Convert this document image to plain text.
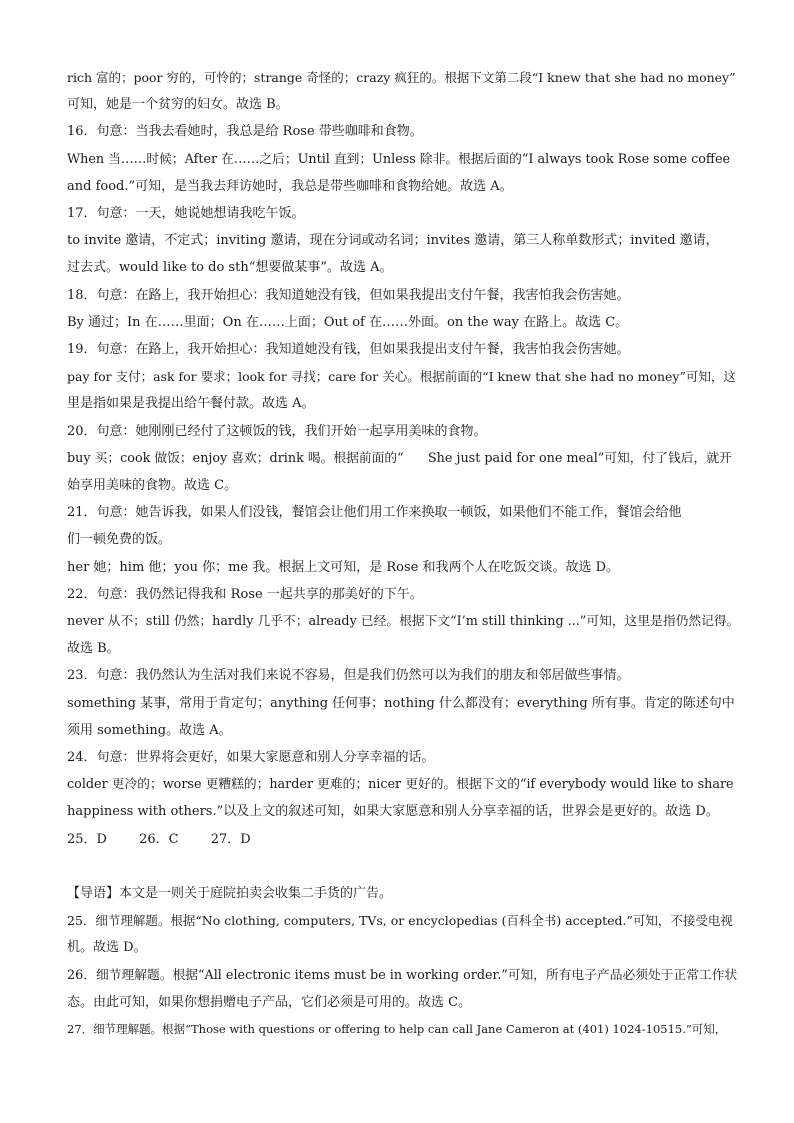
rich 富的；poor 穷的，可怜的；strange 奇怪的；crazy 疯狂的。根据下文第二段“I knew that she had no money”

可知，她是一个贫穷的妇女。故选 B。

16．句意：当我去看她时，我总是给 Rose 带些咖啡和食物。

When 当……时候；After 在……之后；Until 直到；Unless 除非。根据后面的“I always took Rose some coffee

and food.”可知，是当我去拜访她时，我总是带些咖啡和食物给她。故选 A。

17．句意：一天，她说她想请我吃午饭。

to invite 邀请，不定式；inviting 邀请，现在分词或动名词；invites 邀请，第三人称单数形式；invited 邀请，

过去式。would like to do sth“想要做某事”。故选 A。

18．句意：在路上，我开始担心：我知道她没有钱，但如果我提出支付午餐，我害怕我会伤害她。

By 通过；In 在……里面；On 在……上面；Out of 在……外面。on the way 在路上。故选 C。

19．句意：在路上，我开始担心：我知道她没有钱，但如果我提出支付午餐，我害怕我会伤害她。

pay for 支付；ask for 要求；look for 寻找；care for 关心。根据前面的“I knew that she had no money”可知，这

里是指如果是我提出给午餐付款。故选 A。

20．句意：她刚刚已经付了这顿饭的钱，我们开始一起享用美味的食物。

buy 买；cook 做饭；enjoy 喜欢；drink 喝。根据前面的“      She just paid for one meal”可知，付了钱后，就开

始享用美味的食物。故选 C。

21．句意：她告诉我，如果人们没钱，餐馆会让他们用工作来换取一顿饭，如果他们不能工作，餐馆会给他

们一顿免费的饭。

her 她；him 他；you 你；me 我。根据上文可知，是 Rose 和我两个人在吃饭交谈。故选 D。

22．句意：我仍然记得我和 Rose 一起共享的那美好的下午。

never 从不；still 仍然；hardly 几乎不；already 已经。根据下文“I’m still thinking ...”可知，这里是指仍然记得。

故选 B。

23．句意：我仍然认为生活对我们来说不容易，但是我们仍然可以为我们的朋友和邻居做些事情。

something 某事，常用于肯定句；anything 任何事；nothing 什么都没有；everything 所有事。肯定的陈述句中

须用 something。故选 A。

24．句意：世界将会更好，如果大家愿意和别人分享幸福的话。

colder 更冷的；worse 更糟糕的；harder 更难的；nicer 更好的。根据下文的“if everybody would like to share

happiness with others.”以及上文的叙述可知，如果大家愿意和别人分享幸福的话，世界会是更好的。故选 D。

25．D 26．C 27．D

【导语】本文是一则关于庭院拍卖会收集二手货的广告。

25．细节理解题。根据“No clothing, computers, TVs, or encyclopedias (百科全书) accepted.”可知，不接受电视

机。故选 D。

26．细节理解题。根据“All electronic items must be in working order.”可知，所有电子产品必须处于正常工作状

态。由此可知，如果你想捐赠电子产品，它们必须是可用的。故选 C。

27．细节理解题。根据“Those with questions or offering to help can call Jane Cameron at (401) 1024-10515.”可知，
